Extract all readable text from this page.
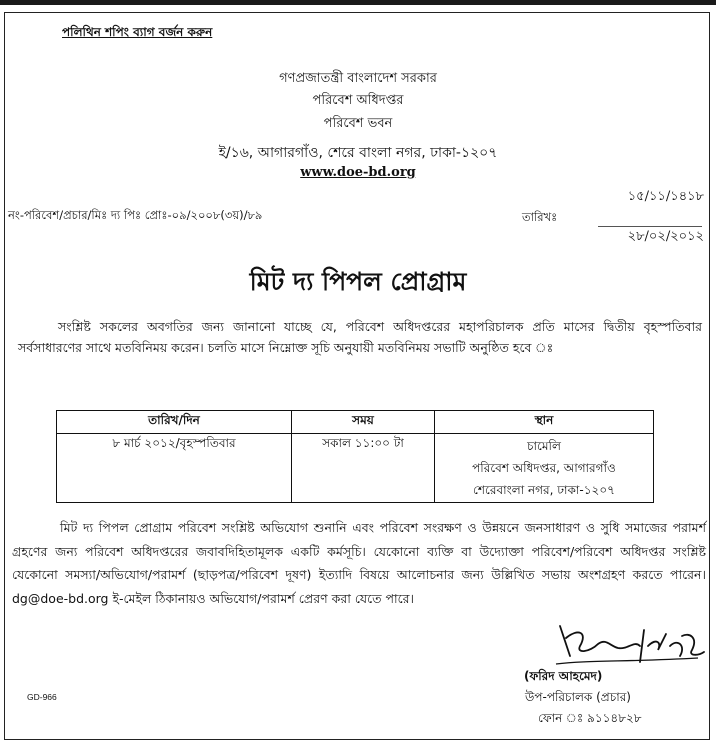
পলিথিন শপিং ব্যাগ বর্জন করুন
গণপ্রজাতন্ত্রী বাংলাদেশ সরকার
পরিবেশ অধিদপ্তর
পরিবেশ ভবন
ই/১৬, আগারগাঁও, শেরে বাংলা নগর, ঢাকা-১২০৭
www.doe-bd.org
১৫/১১/১৪১৮
নং-পরিবেশ/প্রচার/মিঃ দ্য পিঃ প্রোঃ-০৯/২০০৮(৩য়)/৮৯	তারিখঃ
২৮/০২/২০১২
মিট দ্য পিপল প্রোগ্রাম
সংশ্লিষ্ট সকলের অবগতির জন্য জানানো যাচ্ছে যে, পরিবেশ অধিদপ্তরের মহাপরিচালক প্রতি মাসের দ্বিতীয় বৃহস্পতিবার সর্বসাধারণের সাথে মতবিনিময় করেন। চলতি মাসে নিম্নোক্ত সূচি অনুযায়ী মতবিনিময় সভাটি অনুষ্ঠিত হবে ঃ
তারিখ/দিন	সময়	স্থান
৮ মার্চ ২০১২/বৃহস্পতিবার	সকাল ১১:০০ টা	চামেলি
পরিবেশ অধিদপ্তর, আগারগাঁও
শেরেবাংলা নগর, ঢাকা-১২০৭
মিট দ্য পিপল প্রোগ্রাম পরিবেশ সংশ্লিষ্ট অভিযোগ শুনানি এবং পরিবেশ সংরক্ষণ ও উন্নয়নে জনসাধারণ ও সুধি সমাজের পরামর্শ গ্রহণের জন্য পরিবেশ অধিদপ্তরের জবাবদিহিতামূলক একটি কর্মসূচি। যেকোনো ব্যক্তি বা উদ্যোক্তা পরিবেশ/পরিবেশ অধিদপ্তর সংশ্লিষ্ট যেকোনো সমস্যা/অভিযোগ/পরামর্শ (ছাড়পত্র/পরিবেশ দূষণ) ইত্যাদি বিষয়ে আলোচনার জন্য উল্লিখিত সভায় অংশগ্রহণ করতে পারেন। dg@doe-bd.org ই-মেইল ঠিকানায়ও অভিযোগ/পরামর্শ প্রেরণ করা যেতে পারে।
(ফরিদ আহমেদ)
উপ-পরিচালক (প্রচার)
ফোন ঃ ৯১১৪৮২৮
GD-966
